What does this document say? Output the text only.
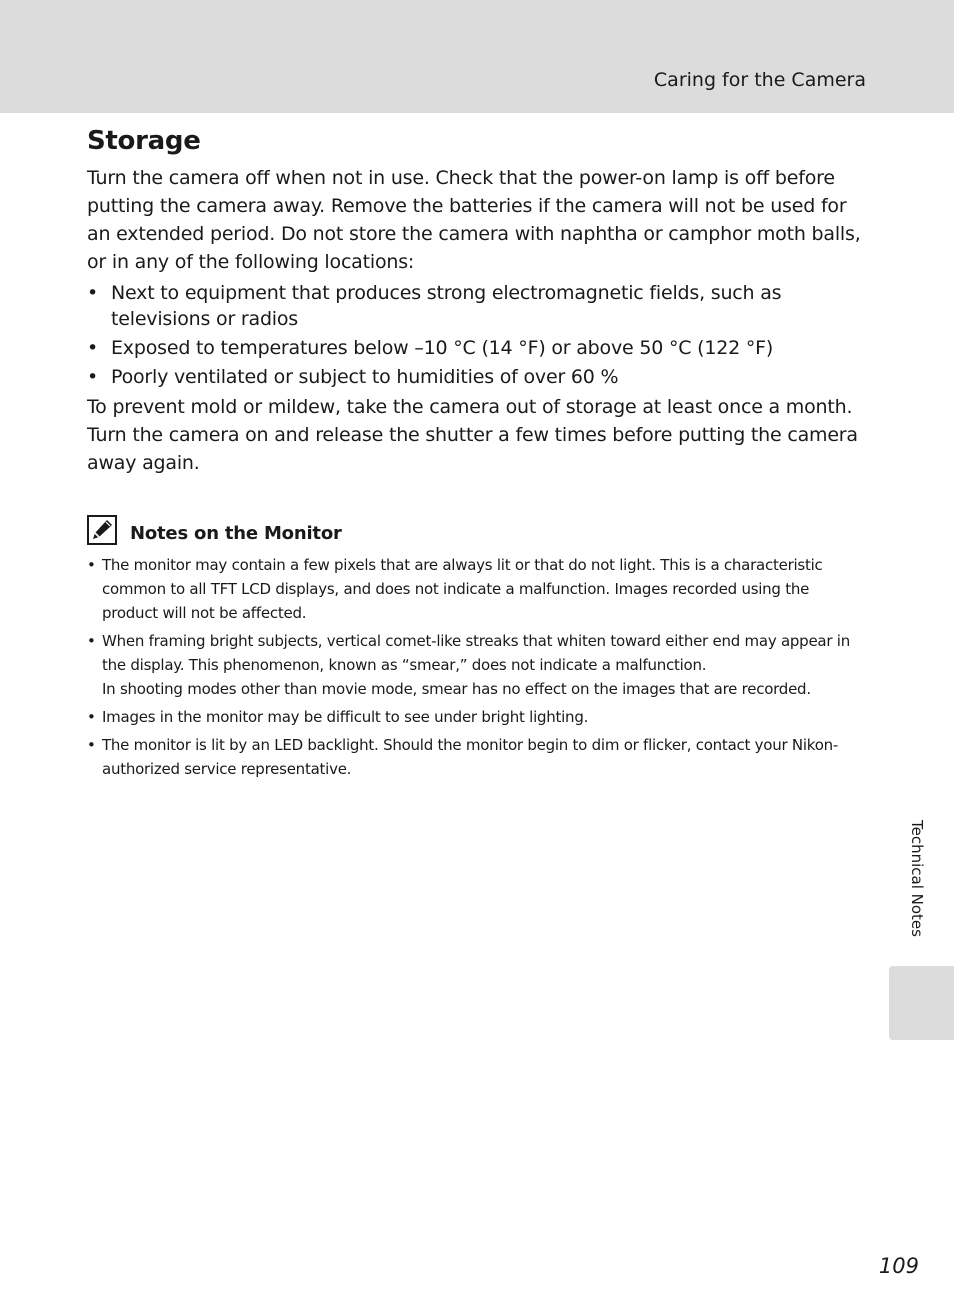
Caring for the Camera
Storage

Turn the camera off when not in use. Check that the power-on lamp is off before putting the camera away. Remove the batteries if the camera will not be used for an extended period. Do not store the camera with naphtha or camphor moth balls, or in any of the following locations:

• Next to equipment that produces strong electromagnetic fields, such as televisions or radios
• Exposed to temperatures below –10 °C (14 °F) or above 50 °C (122 °F)
• Poorly ventilated or subject to humidities of over 60 %

To prevent mold or mildew, take the camera out of storage at least once a month. Turn the camera on and release the shutter a few times before putting the camera away again.

Notes on the Monitor
• The monitor may contain a few pixels that are always lit or that do not light. This is a characteristic common to all TFT LCD displays, and does not indicate a malfunction. Images recorded using the product will not be affected.
• When framing bright subjects, vertical comet-like streaks that whiten toward either end may appear in the display. This phenomenon, known as “smear,” does not indicate a malfunction.
In shooting modes other than movie mode, smear has no effect on the images that are recorded.
• Images in the monitor may be difficult to see under bright lighting.
• The monitor is lit by an LED backlight. Should the monitor begin to dim or flicker, contact your Nikon-authorized service representative.
Technical Notes
109
